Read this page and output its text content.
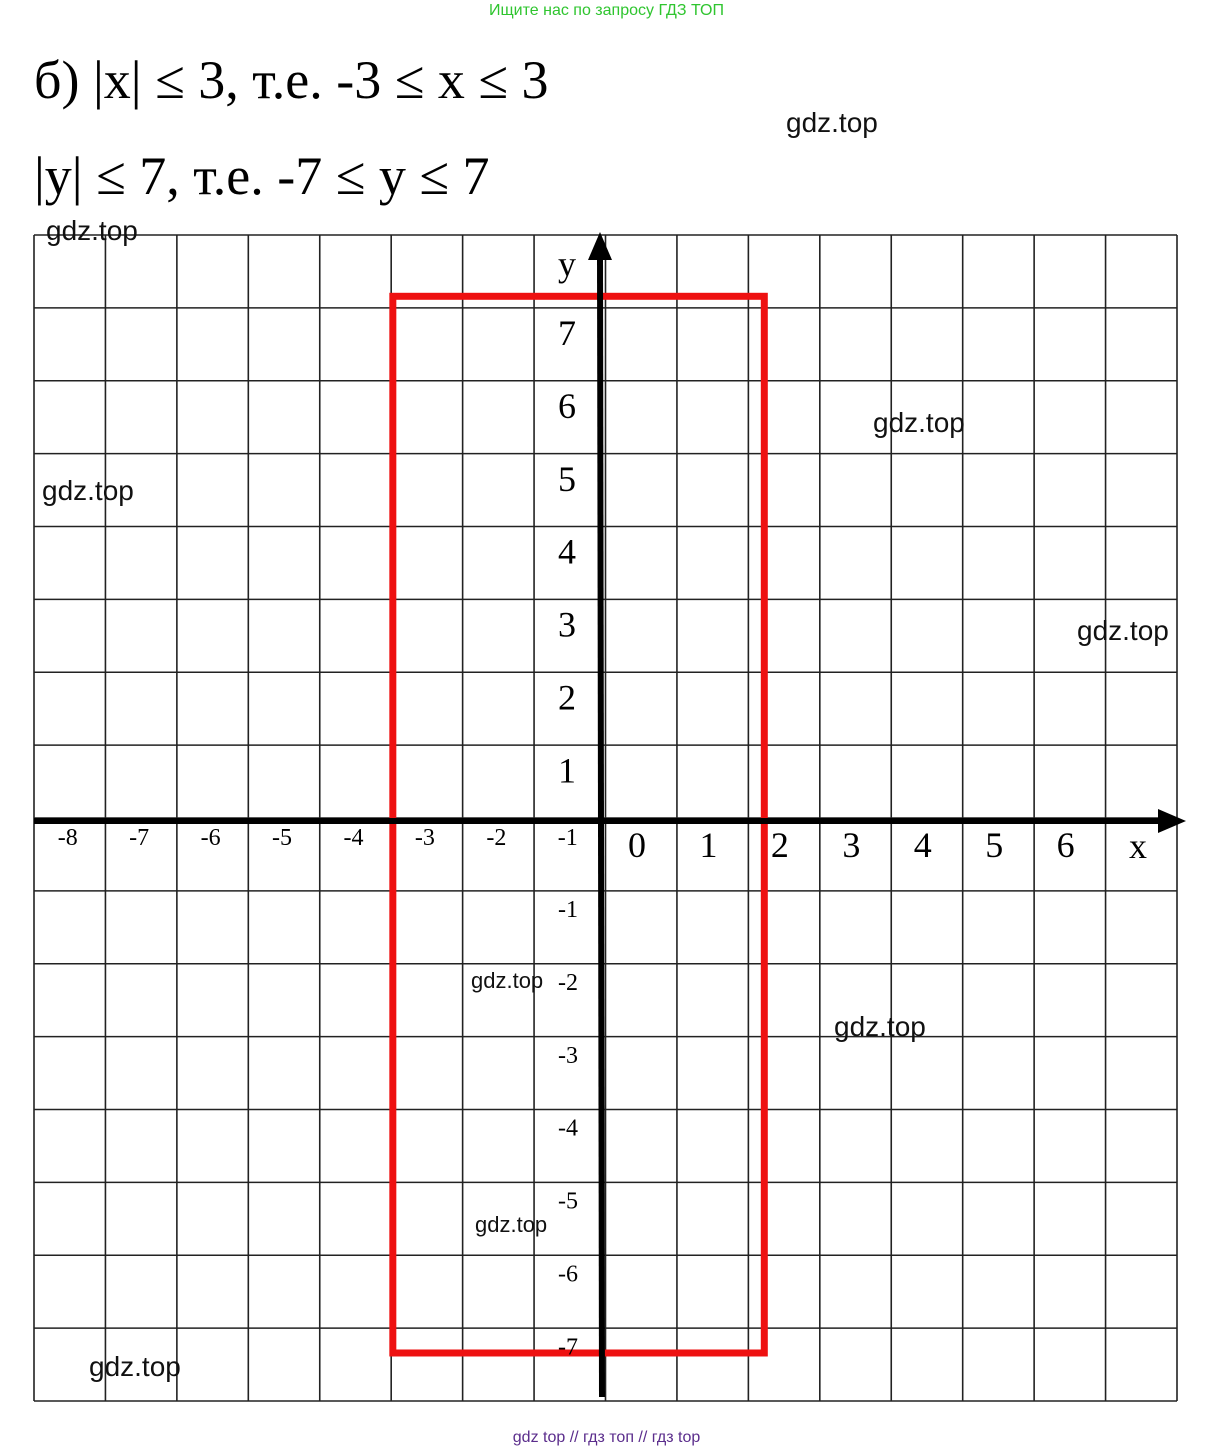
Ищите нас по запросу ГДЗ ТОП
б) |x| ≤ 3, т.е. -3 ≤ x ≤ 3
|y| ≤ 7, т.е. -7 ≤ y ≤ 7
x
y
-8 -7 -6 -5 -4 -3 -2 -1 0 1 2 3 4 5 6
7
6
5
4
3
2
1
-1
-2
-3
-4
-5
-6
-7
gdz.top
gdz.top
gdz.top
gdz.top
gdz.top
gdz.top
gdz.top
gdz.top
gdz.top
gdz top // гдз топ // гдз top
